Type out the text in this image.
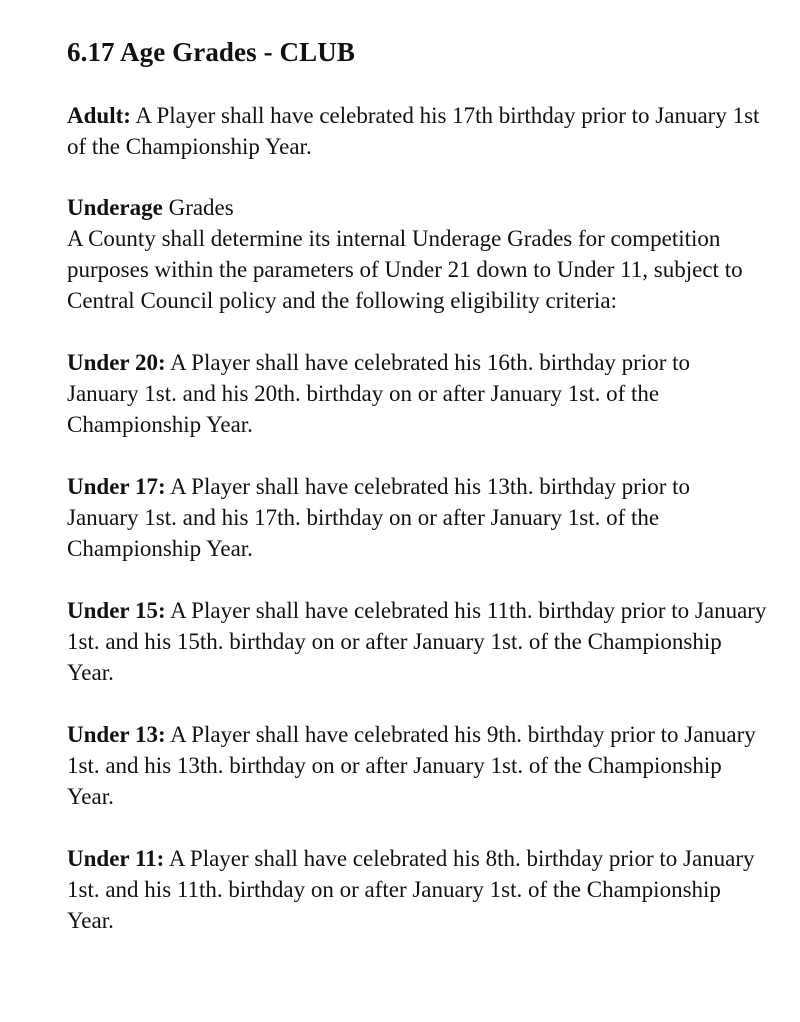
6.17 Age Grades - CLUB

Adult: A Player shall have celebrated his 17th birthday prior to January 1st of the Championship Year.

Underage Grades
A County shall determine its internal Underage Grades for competition purposes within the parameters of Under 21 down to Under 11, subject to Central Council policy and the following eligibility criteria:

Under 20: A Player shall have celebrated his 16th. birthday prior to January 1st. and his 20th. birthday on or after January 1st. of the Championship Year.

Under 17: A Player shall have celebrated his 13th. birthday prior to January 1st. and his 17th. birthday on or after January 1st. of the Championship Year.

Under 15: A Player shall have celebrated his 11th. birthday prior to January 1st. and his 15th. birthday on or after January 1st. of the Championship Year.

Under 13: A Player shall have celebrated his 9th. birthday prior to January 1st. and his 13th. birthday on or after January 1st. of the Championship Year.

Under 11: A Player shall have celebrated his 8th. birthday prior to January 1st. and his 11th. birthday on or after January 1st. of the Championship Year.
